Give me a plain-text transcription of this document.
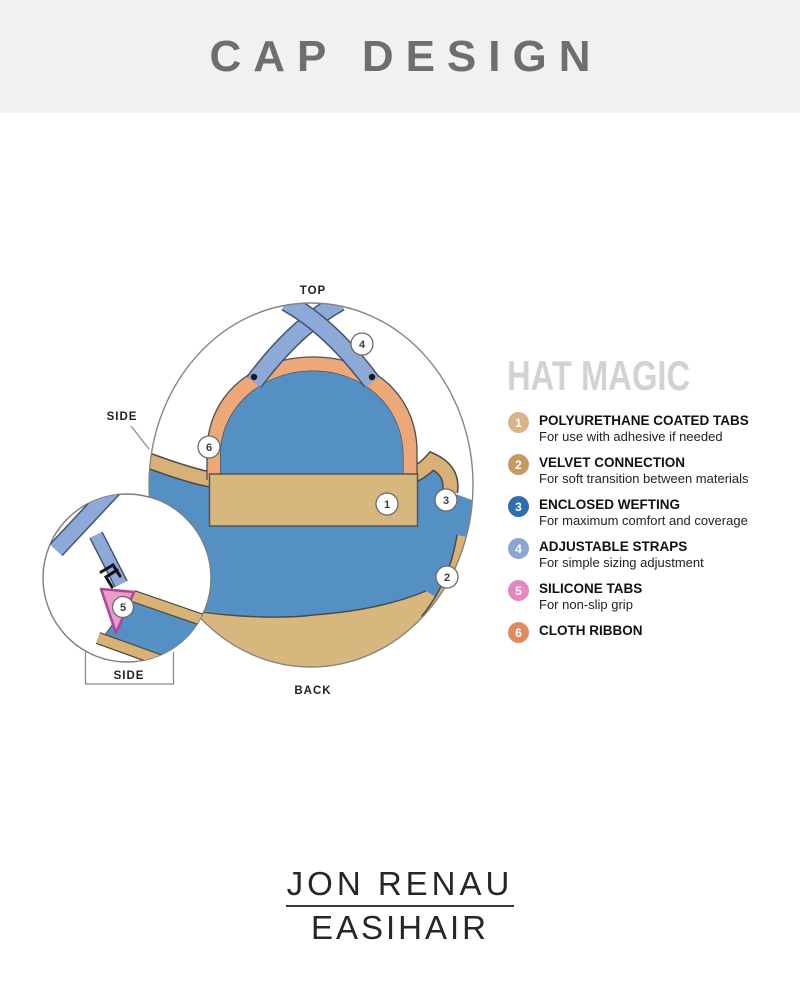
CAP DESIGN
TOP
BACK
SIDE
1
2
3
4
6
5
SIDE
HAT MAGIC
1 POLYURETHANE COATED TABS
For use with adhesive if needed
2 VELVET CONNECTION
For soft transition between materials
3 ENCLOSED WEFTING
For maximum comfort and coverage
4 ADJUSTABLE STRAPS
For simple sizing adjustment
5 SILICONE TABS
For non-slip grip
6 CLOTH RIBBON
JON RENAU
EASIHAIR
